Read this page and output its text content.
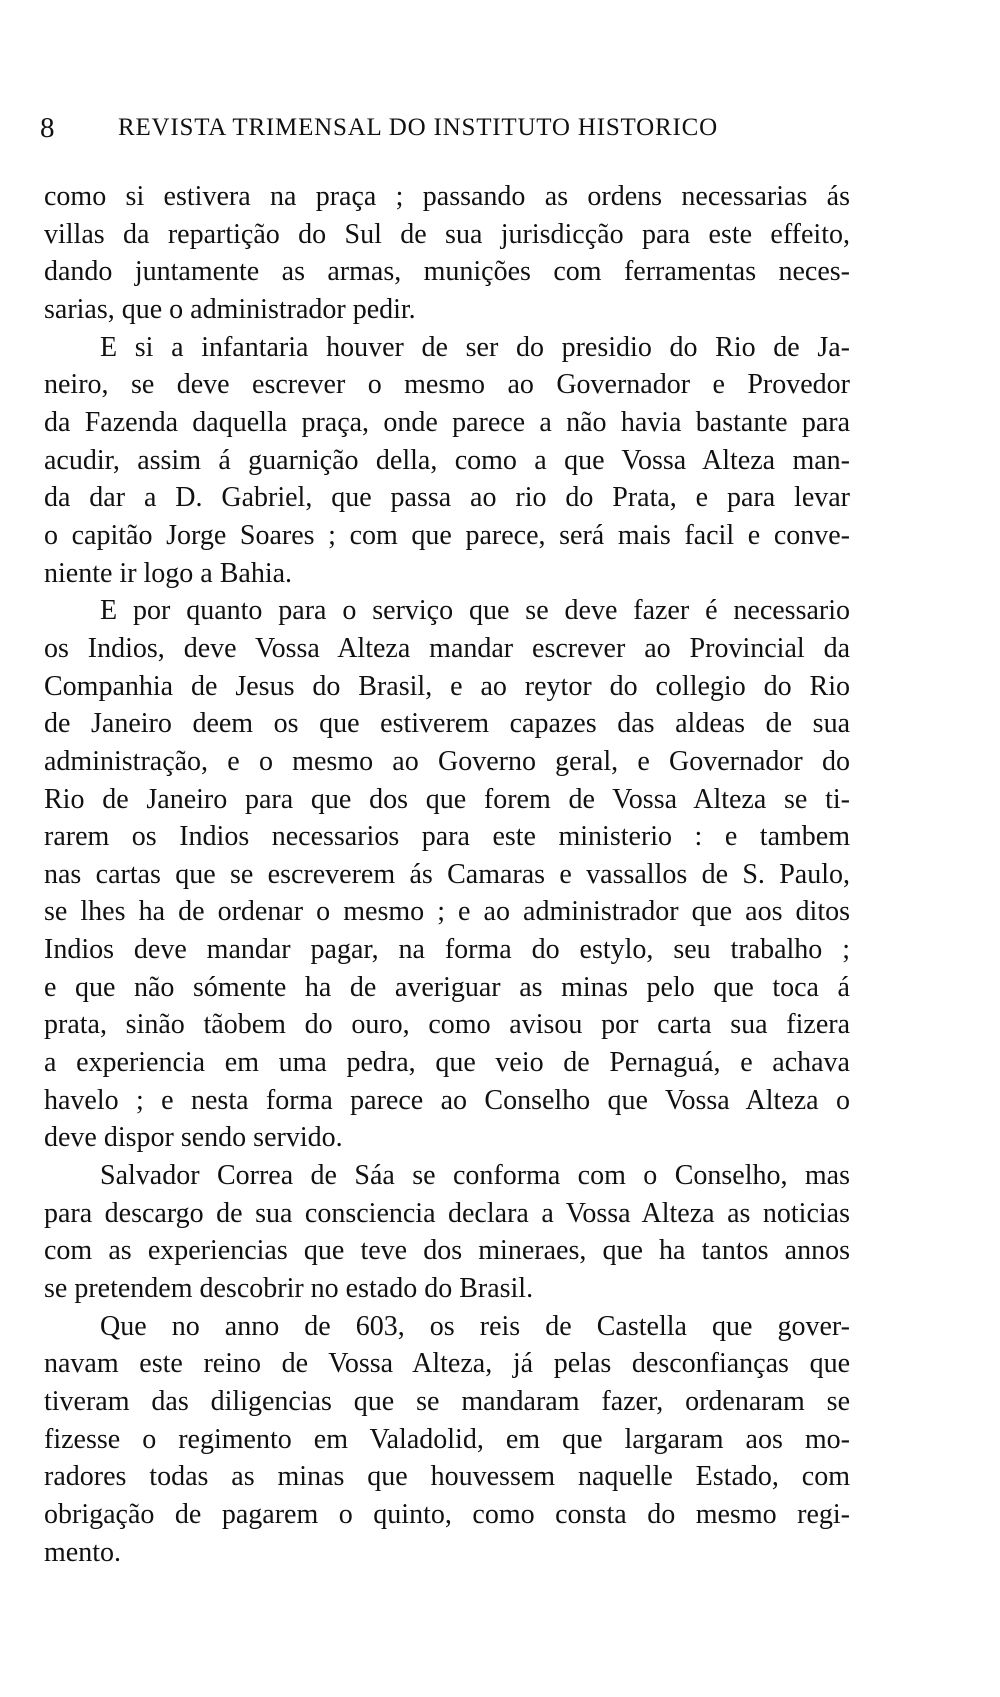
8	REVISTA TRIMENSAL DO INSTITUTO HISTORICO
como si estivera na praça ; passando as ordens necessarias ás
villas da repartição do Sul de sua jurisdicção para este effeito,
dando juntamente as armas, munições com ferramentas neces-
sarias, que o administrador pedir.
E si a infantaria houver de ser do presidio do Rio de Ja-
neiro, se deve escrever o mesmo ao Governador e Provedor
da Fazenda daquella praça, onde parece a não havia bastante para
acudir, assim á guarnição della, como a que Vossa Alteza man-
da dar a D. Gabriel, que passa ao rio do Prata, e para levar
o capitão Jorge Soares ; com que parece, será mais facil e conve-
niente ir logo a Bahia.
E por quanto para o serviço que se deve fazer é necessario
os Indios, deve Vossa Alteza mandar escrever ao Provincial da
Companhia de Jesus do Brasil, e ao reytor do collegio do Rio
de Janeiro deem os que estiverem capazes das aldeas de sua
administração, e o mesmo ao Governo geral, e Governador do
Rio de Janeiro para que dos que forem de Vossa Alteza se ti-
rarem os Indios necessarios para este ministerio : e tambem
nas cartas que se escreverem ás Camaras e vassallos de S. Paulo,
se lhes ha de ordenar o mesmo ; e ao administrador que aos ditos
Indios deve mandar pagar, na forma do estylo, seu trabalho ;
e que não sómente ha de averiguar as minas pelo que toca á
prata, sinão tãobem do ouro, como avisou por carta sua fizera
a experiencia em uma pedra, que veio de Pernaguá, e achava
havelo ; e nesta forma parece ao Conselho que Vossa Alteza o
deve dispor sendo servido.
Salvador Correa de Sáa se conforma com o Conselho, mas
para descargo de sua consciencia declara a Vossa Alteza as noticias
com as experiencias que teve dos mineraes, que ha tantos annos
se pretendem descobrir no estado do Brasil.
Que no anno de 603, os reis de Castella que gover-
navam este reino de Vossa Alteza, já pelas desconfianças que
tiveram das diligencias que se mandaram fazer, ordenaram se
fizesse o regimento em Valadolid, em que largaram aos mo-
radores todas as minas que houvessem naquelle Estado, com
obrigação de pagarem o quinto, como consta do mesmo regi-
mento.
